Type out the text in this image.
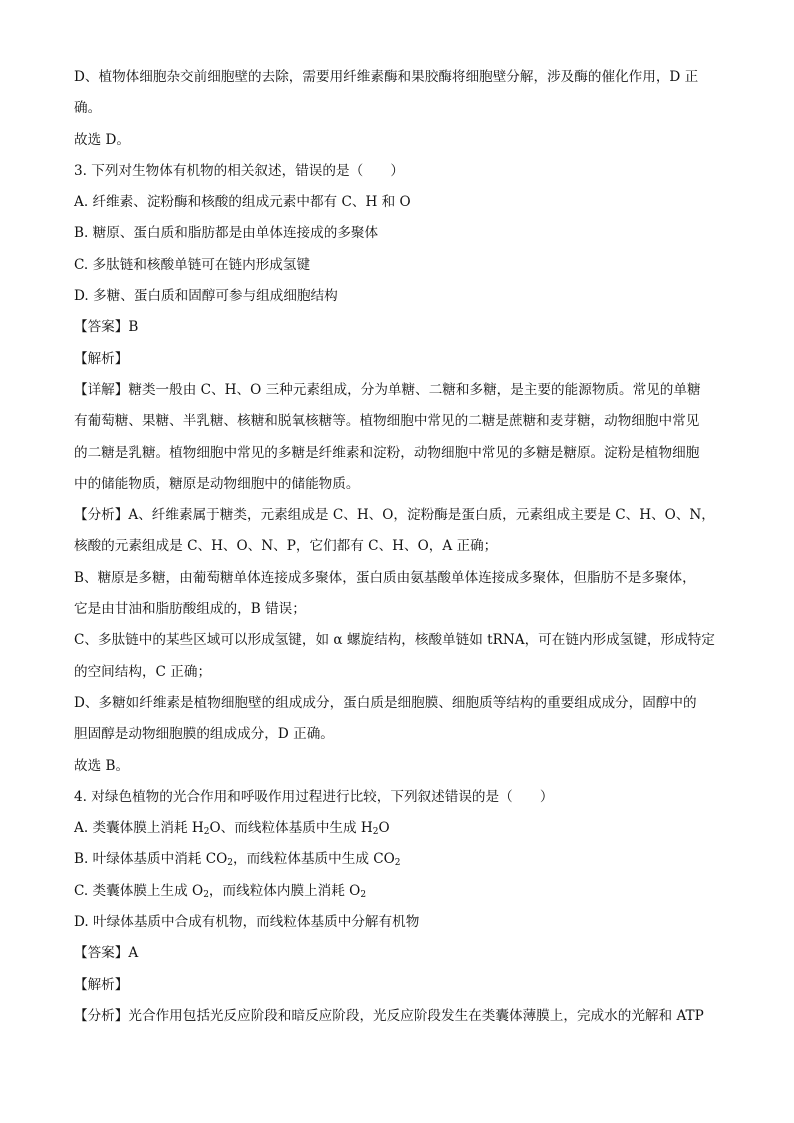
D、植物体细胞杂交前细胞壁的去除，需要用纤维素酶和果胶酶将细胞壁分解，涉及酶的催化作用，D 正
确。
故选 D。
3. 下列对生物体有机物的相关叙述，错误的是（　　）
A. 纤维素、淀粉酶和核酸的组成元素中都有 C、H 和 O
B. 糖原、蛋白质和脂肪都是由单体连接成的多聚体
C. 多肽链和核酸单链可在链内形成氢键
D. 多糖、蛋白质和固醇可参与组成细胞结构
【答案】B
【解析】
【详解】糖类一般由 C、H、O 三种元素组成，分为单糖、二糖和多糖，是主要的能源物质。常见的单糖
有葡萄糖、果糖、半乳糖、核糖和脱氧核糖等。植物细胞中常见的二糖是蔗糖和麦芽糖，动物细胞中常见
的二糖是乳糖。植物细胞中常见的多糖是纤维素和淀粉，动物细胞中常见的多糖是糖原。淀粉是植物细胞
中的储能物质，糖原是动物细胞中的储能物质。
【分析】A、纤维素属于糖类，元素组成是 C、H、O，淀粉酶是蛋白质，元素组成主要是 C、H、O、N，
核酸的元素组成是 C、H、O、N、P，它们都有 C、H、O，A 正确；
B、糖原是多糖，由葡萄糖单体连接成多聚体，蛋白质由氨基酸单体连接成多聚体，但脂肪不是多聚体，
它是由甘油和脂肪酸组成的，B 错误；
C、多肽链中的某些区域可以形成氢键，如 α 螺旋结构，核酸单链如 tRNA，可在链内形成氢键，形成特定
的空间结构，C 正确；
D、多糖如纤维素是植物细胞壁的组成成分，蛋白质是细胞膜、细胞质等结构的重要组成成分，固醇中的
胆固醇是动物细胞膜的组成成分，D 正确。
故选 B。
4. 对绿色植物的光合作用和呼吸作用过程进行比较，下列叙述错误的是（　　）
A. 类囊体膜上消耗 $H_2O$、而线粒体基质中生成 $H_2O$
B. 叶绿体基质中消耗 $CO_2$，而线粒体基质中生成 $CO_2$
C. 类囊体膜上生成 $O_2$，而线粒体内膜上消耗 $O_2$
D. 叶绿体基质中合成有机物，而线粒体基质中分解有机物
【答案】A
【解析】
【分析】光合作用包括光反应阶段和暗反应阶段，光反应阶段发生在类囊体薄膜上，完成水的光解和 ATP
